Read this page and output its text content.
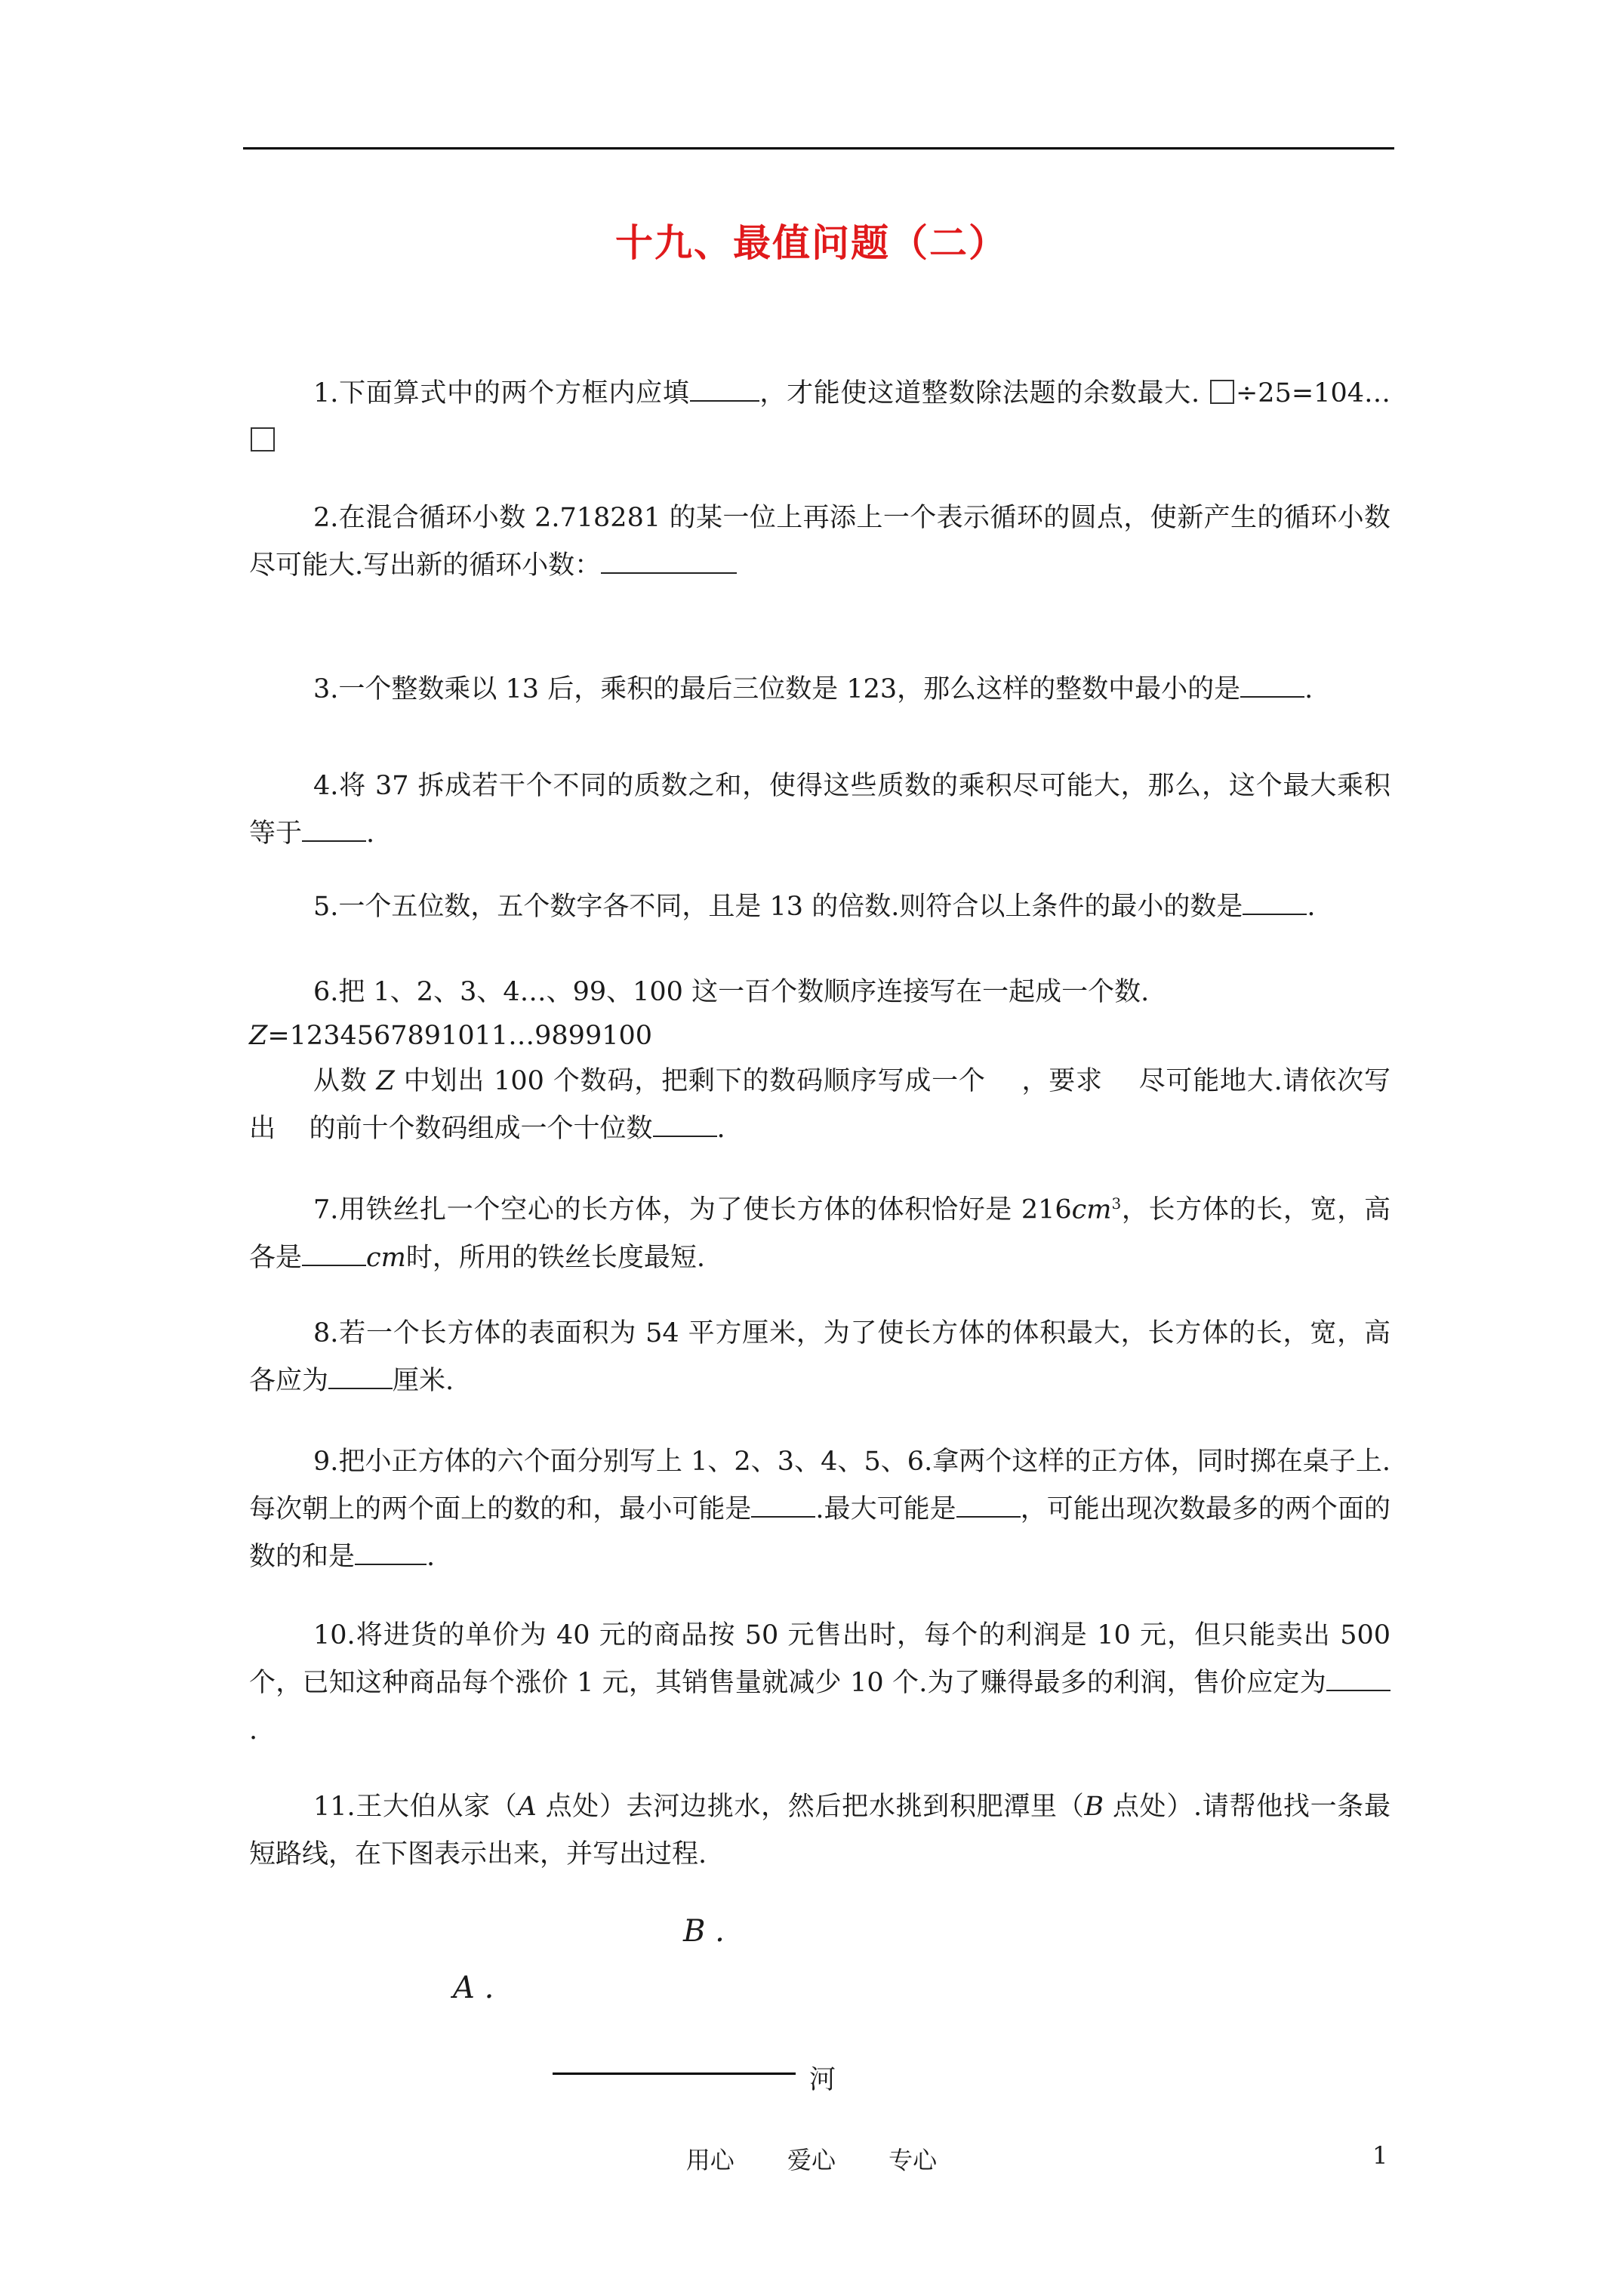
十九、最值问题（二）

1.下面算式中的两个方框内应填	，才能使这道整数除法题的余数最大. ÷25=104…

2.在混合循环小数 2.718281 的某一位上再添上一个表示循环的圆点，使新产生的循环小数尽可能大.写出新的循环小数：

3.一个整数乘以 13 后，乘积的最后三位数是 123，那么这样的整数中最小的是 .

4.将 37 拆成若干个不同的质数之和，使得这些质数的乘积尽可能大，那么，这个最大乘积等于 .

5.一个五位数，五个数字各不同，且是 13 的倍数.则符合以上条件的最小的数是 .

6.把 1、2、3、4…、99、100 这一百个数顺序连接写在一起成一个数.

Z=1234567891011…9899100

从数 Z 中划出 100 个数码，把剩下的数码顺序写成一个 ，要求 尽可能地大.请依次写出 的前十个数码组成一个十位数 .

7.用铁丝扎一个空心的长方体，为了使长方体的体积恰好是 $216cm^3$，长方体的长，宽，高各是 cm时，所用的铁丝长度最短.

8.若一个长方体的表面积为 54 平方厘米，为了使长方体的体积最大，长方体的长，宽，高各应为 厘米.

9.把小正方体的六个面分别写上 1、2、3、4、5、6.拿两个这样的正方体，同时掷在桌子上.每次朝上的两个面上的数的和，最小可能是 .最大可能是 ，可能出现次数最多的两个面的数的和是	.

10.将进货的单价为 40 元的商品按 50 元售出时，每个的利润是 10 元，但只能卖出 500 个，已知这种商品每个涨价 1 元，其销售量就减少 10 个.为了赚得最多的利润，售价应定为.

11.王大伯从家（A 点处）去河边挑水，然后把水挑到积肥潭里（B 点处）.请帮他找一条最短路线，在下图表示出来，并写出过程.

B .
A .
河
用心 爱心 专心	1
